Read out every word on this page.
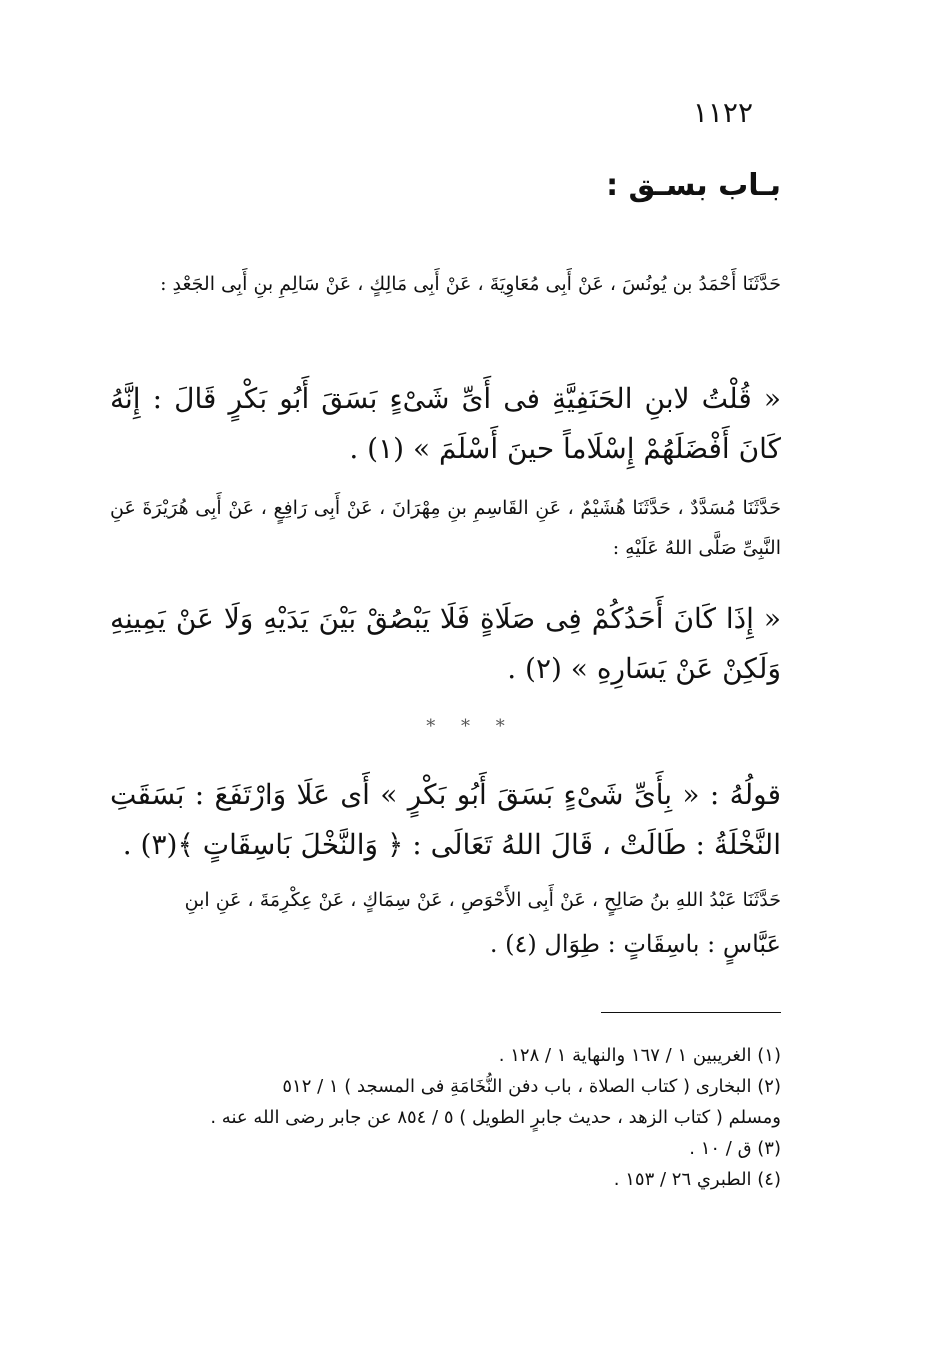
١١٢٢
بـاب بسـق :
حَدَّثَنَا أَحْمَدُ بن يُونُسَ ، عَنْ أَبِى مُعَاوِيَةَ ، عَنْ أَبِى مَالِكٍ ، عَنْ سَالِمِ بنِ أَبِى الجَعْدِ :
« قُلْتُ لابنِ الحَنَفِيَّةِ فى أَىِّ شَىْءٍ بَسَقَ أَبُو بَكْرٍ قَالَ : إِنَّهُ كَانَ أَفْضَلَهُمْ إِسْلَاماً حينَ أَسْلَمَ » (١) .
حَدَّثَنَا مُسَدَّدٌ ، حَدَّثَنَا هُشَيْمٌ ، عَنِ القَاسِمِ بنِ مِهْرَانَ ، عَنْ أَبِى رَافِعٍ ، عَنْ أَبِى هُرَيْرَةَ عَنِ النَّبِىِّ صَلَّى اللهُ عَلَيْهِ :
« إِذَا كَانَ أَحَدُكُمْ فِى صَلَاةٍ فَلَا يَبْصُقْ بَيْنَ يَدَيْهِ وَلَا عَنْ يَمِينِهِ وَلَكِنْ عَنْ يَسَارِهِ » (٢) .
* * *
قولُهُ : « بِأَىِّ شَىْءٍ بَسَقَ أَبُو بَكْرٍ » أَى عَلَا وَارْتَفَعَ : بَسَقَتِ النَّخْلَةُ : طَالَتْ ، قَالَ اللهُ تَعَالَى : ﴿ وَالنَّخْلَ بَاسِقَاتٍ ﴾(٣) .
حَدَّثَنَا عَبْدُ اللهِ بنُ صَالِحٍ ، عَنْ أَبِى الأَحْوَصِ ، عَنْ سِمَاكٍ ، عَنْ عِكْرِمَةَ ، عَنِ ابنِ
عَبَّاسٍ : باسِقَاتٍ : طِوَال (٤) .
(١) الغريبين ١ / ١٦٧ والنهاية ١ / ١٢٨ .
(٢) البخارى ( كتاب الصلاة ، باب دفن النُّخَامَةِ فى المسجد ) ١ / ٥١٢
ومسلم ( كتاب الزهد ، حديث جابرٍ الطويل ) ٥ / ٨٥٤ عن جابر رضى الله عنه .
(٣) ق / ١٠ .
(٤) الطبري ٢٦ / ١٥٣ .
